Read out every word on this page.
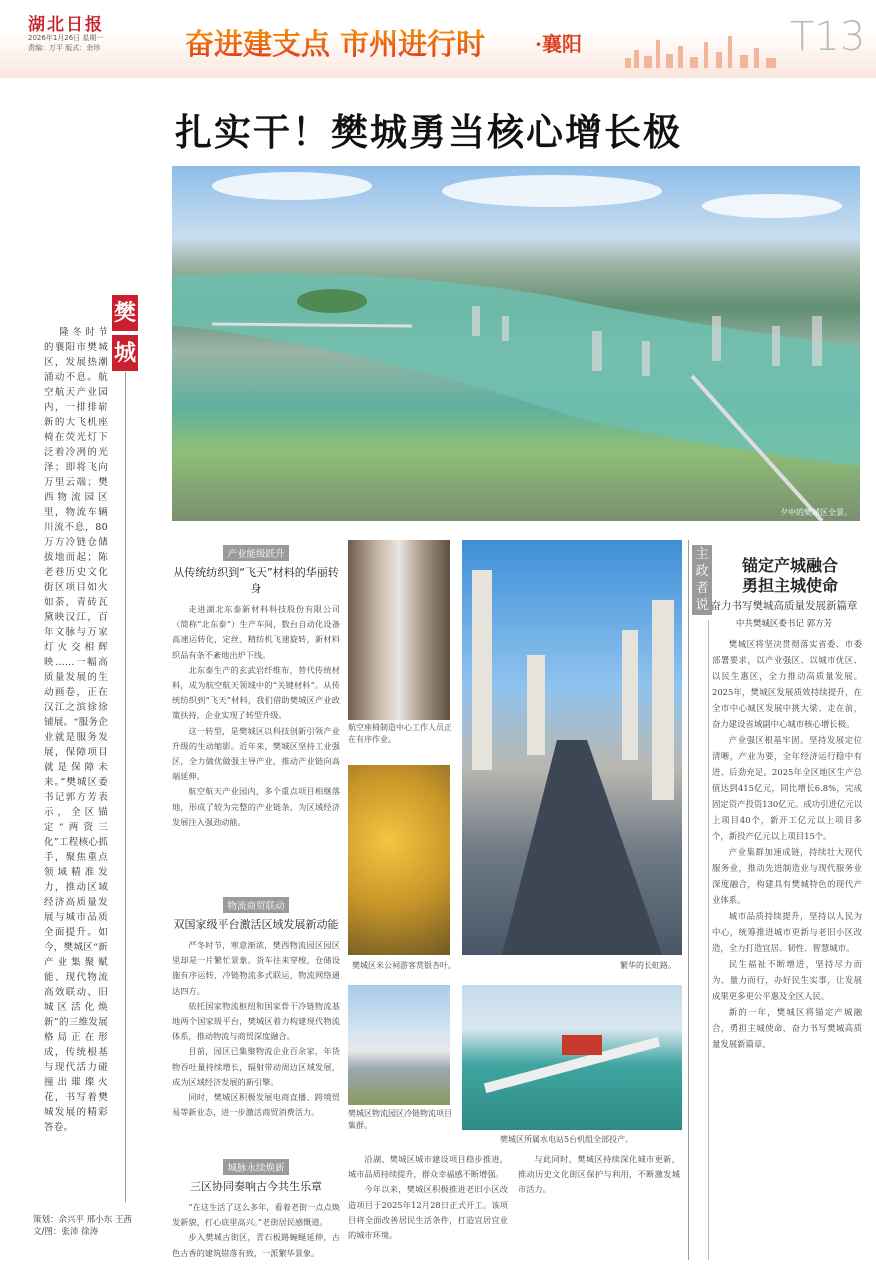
湖北日报
2026年1月26日 星期一
责编：万平 版式：余珍	奋进建支点 市州进行时 ·襄阳	T13
扎实干！樊城勇当核心增长极
夕中的樊城区全景。
樊
城
隆冬时节的襄阳市樊城区，发展热潮涌动不息。航空航天产业园内，一排排崭新的大飞机座椅在荧光灯下泛着冷冽的光泽；即将飞向万里云端；樊西物流园区里，物流车辆川流不息，80万方冷链仓储拔地而起；陈老巷历史文化街区项目如火如荼，青砖瓦黛映汉江，百年文脉与万家灯火交相辉映……一幅高质量发展的生动画卷，正在汉江之滨徐徐铺展。“服务企业就是服务发展，保障项目就是保障未来。”樊城区委书记郭方芳表示，全区锚定“两资三化”工程核心抓手，聚焦重点领域精准发力，推动区域经济高质量发展与城市品质全面提升。如今，樊城区“新产业集聚赋能、现代物流高效联动、旧城区活化焕新”的三维发展格局正在形成，传统根基与现代活力碰撞出璀璨火花，书写着樊城发展的精彩答卷。
产业能级跃升
从传统纺织到“飞天”材料的华丽转身

走进湖北东泰新材料科技股份有限公司（简称“北东泰”）生产车间，数台自动化设备高速运转化，定丝、精纺机飞速旋转，新材料织品有条不紊地出炉下线。

北东泰生产的玄武岩纤维布，替代传统材料，成为航空航天领域中的“关键材料”。从传统纺织到“飞天”材料，我们借助樊城区产业政策扶持，企业实现了转型升级。

这一转型，是樊城区以科技创新引领产业升级的生动缩影。近年来，樊城区坚持工业强区，全力做优做强主导产业，推动产业链向高端延伸。

航空航天产业园内，多个重点项目相继落地，形成了较为完整的产业链条，为区域经济发展注入强劲动能。

物流商贸联动
双国家级平台激活区域发展新动能

严冬时节，寒意渐浓，樊西物流园区园区里却是一片繁忙景象。货车往来穿梭，仓储设施有序运转，冷链物流多式联运，物流网络通达四方。

依托国家物流枢纽和国家骨干冷链物流基地两个国家级平台，樊城区着力构建现代物流体系，推动物流与商贸深度融合。

目前，园区已集聚物流企业百余家，年货物吞吐量持续增长，辐射带动周边区域发展，成为区域经济发展的新引擎。

同时，樊城区积极发展电商直播、跨境贸易等新业态，进一步激活商贸消费活力。

城脉永续焕新
三区协同奏响古今共生乐章

“在这生活了这么多年，看着老街一点点焕发新貌，打心底里高兴。”老街居民感慨道。

步入樊城古街区，青石板路蜿蜒延伸，古色古香的建筑错落有致，一派繁华景象。

航空座椅制造中心工作人员正在有序作业。
樊城区米公祠游客赏银杏叶。
樊城区物流园区冷链物流项目集群。
繁华的长虹路。
樊城区所属水电站5台机组全部投产。

沿湖、樊城区城市建设项目稳步推进，城市品质持续提升，群众幸福感不断增强。

今年以来，樊城区积极推进老旧小区改造项目于2025年12月28日正式开工。该项目将全面改善居民生活条件，打造宜居宜业的城市环境。

与此同时，樊城区持续深化城市更新，推动历史文化街区保护与利用，不断激发城市活力。

主政者说
锚定产城融合
勇担主城使命
奋力书写樊城高质量发展新篇章
中共樊城区委书记 郭方芳

樊城区将坚决贯彻落实省委、市委部署要求，以产业强区、以城市优区、以民生惠区，全力推动高质量发展。2025年，樊城区发展质效持续提升，在全市中心城区发展中挑大梁、走在前，奋力建设省域副中心城市核心增长极。

产业强区根基牢固。坚持发展定位清晰，产业为要，全年经济运行稳中有进、后劲充足。2025年全区地区生产总值达到415亿元，同比增长6.8%，完成固定资产投资130亿元。成功引进亿元以上项目40个，新开工亿元以上项目多个，新投产亿元以上项目15个。

产业集群加速成链，持续壮大现代服务业，推动先进制造业与现代服务业深度融合，构建具有樊城特色的现代产业体系。

城市品质持续提升，坚持以人民为中心，统筹推进城市更新与老旧小区改造，全力打造宜居、韧性、智慧城市。

民生福祉不断增进，坚持尽力而为、量力而行，办好民生实事，让发展成果更多更公平惠及全区人民。

新的一年，樊城区将锚定产城融合，勇担主城使命，奋力书写樊城高质量发展新篇章。

策划：余兴平 邢小东 王茜
文/图：张沛 徐涛
